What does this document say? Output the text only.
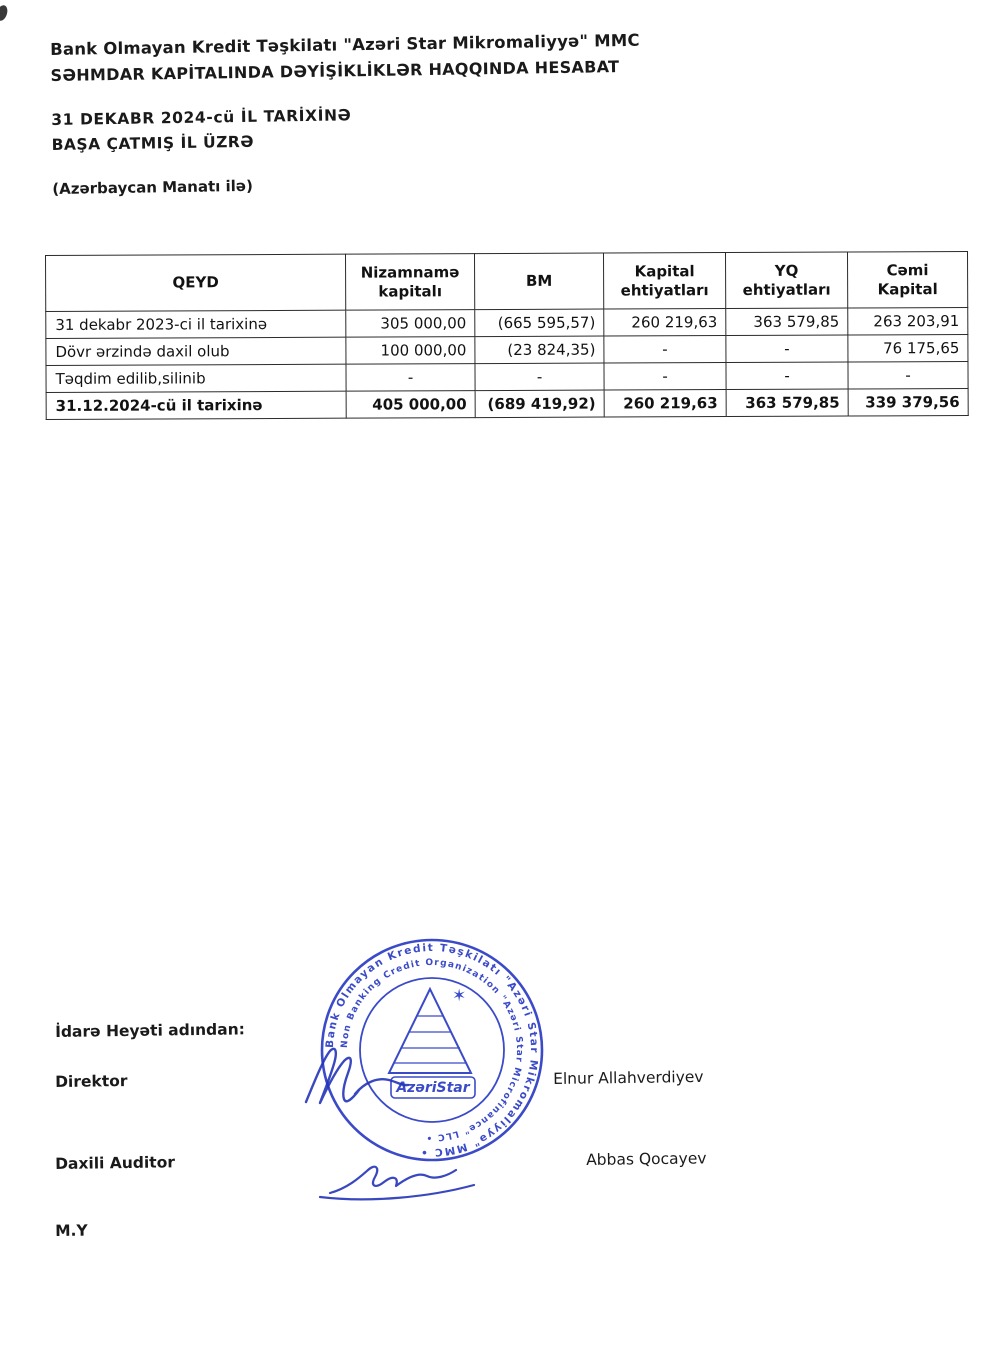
Bank Olmayan Kredit Təşkilatı "Azəri Star Mikromaliyyə" MMC
SƏHMDAR KAPİTALINDA DƏYİŞİKLİKLƏR HAQQINDA HESABAT
31 DEKABR 2024-cü İL TARİXİNƏ
BAŞA ÇATMIŞ İL ÜZRƏ
(Azərbaycan Manatı ilə)
QEYD	Nizamnamə kapitalı	BM	Kapital ehtiyatları	YQ ehtiyatları	Cəmi Kapital
31 dekabr 2023-ci il tarixinə	305 000,00	(665 595,57)	260 219,63	363 579,85	263 203,91
Dövr ərzində daxil olub	100 000,00	(23 824,35)	-	-	76 175,65
Təqdim edilib,silinib	-	-	-	-	-
31.12.2024-cü il tarixinə	405 000,00	(689 419,92)	260 219,63	363 579,85	339 379,56
Bank Olmayan Kredit Təşkilatı "Azəri Star Mikromaliyyə" MMC •
Non Banking Credit Organization "Azəri Star Microfinance" LLC •
✶
AzəriStar
İdarə Heyəti adından:
Direktor	Elnur Allahverdiyev
Daxili Auditor	Abbas Qocayev
M.Y
